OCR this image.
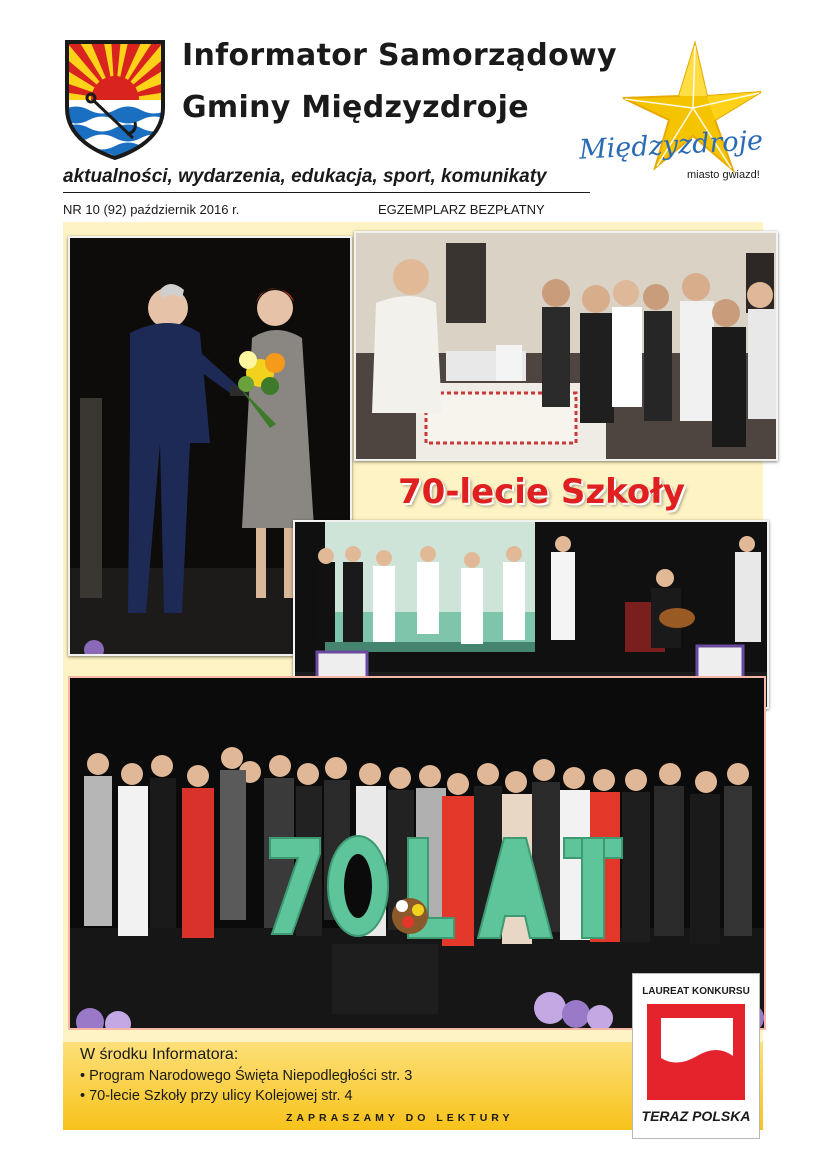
Informator Samorządowy
Gminy Międzyzdroje
Międzyzdroje
miasto gwiazd!
aktualności, wydarzenia, edukacja, sport, komunikaty
NR 10 (92) październik 2016 r.	EGZEMPLARZ BEZPŁATNY
70-lecie Szkoły
W środku Informatora:
• Program Narodowego Święta Niepodległości str. 3
• 70-lecie Szkoły przy ulicy Kolejowej str. 4
ZAPRASZAMY DO LEKTURY
LAUREAT KONKURSU
TERAZ POLSKA
